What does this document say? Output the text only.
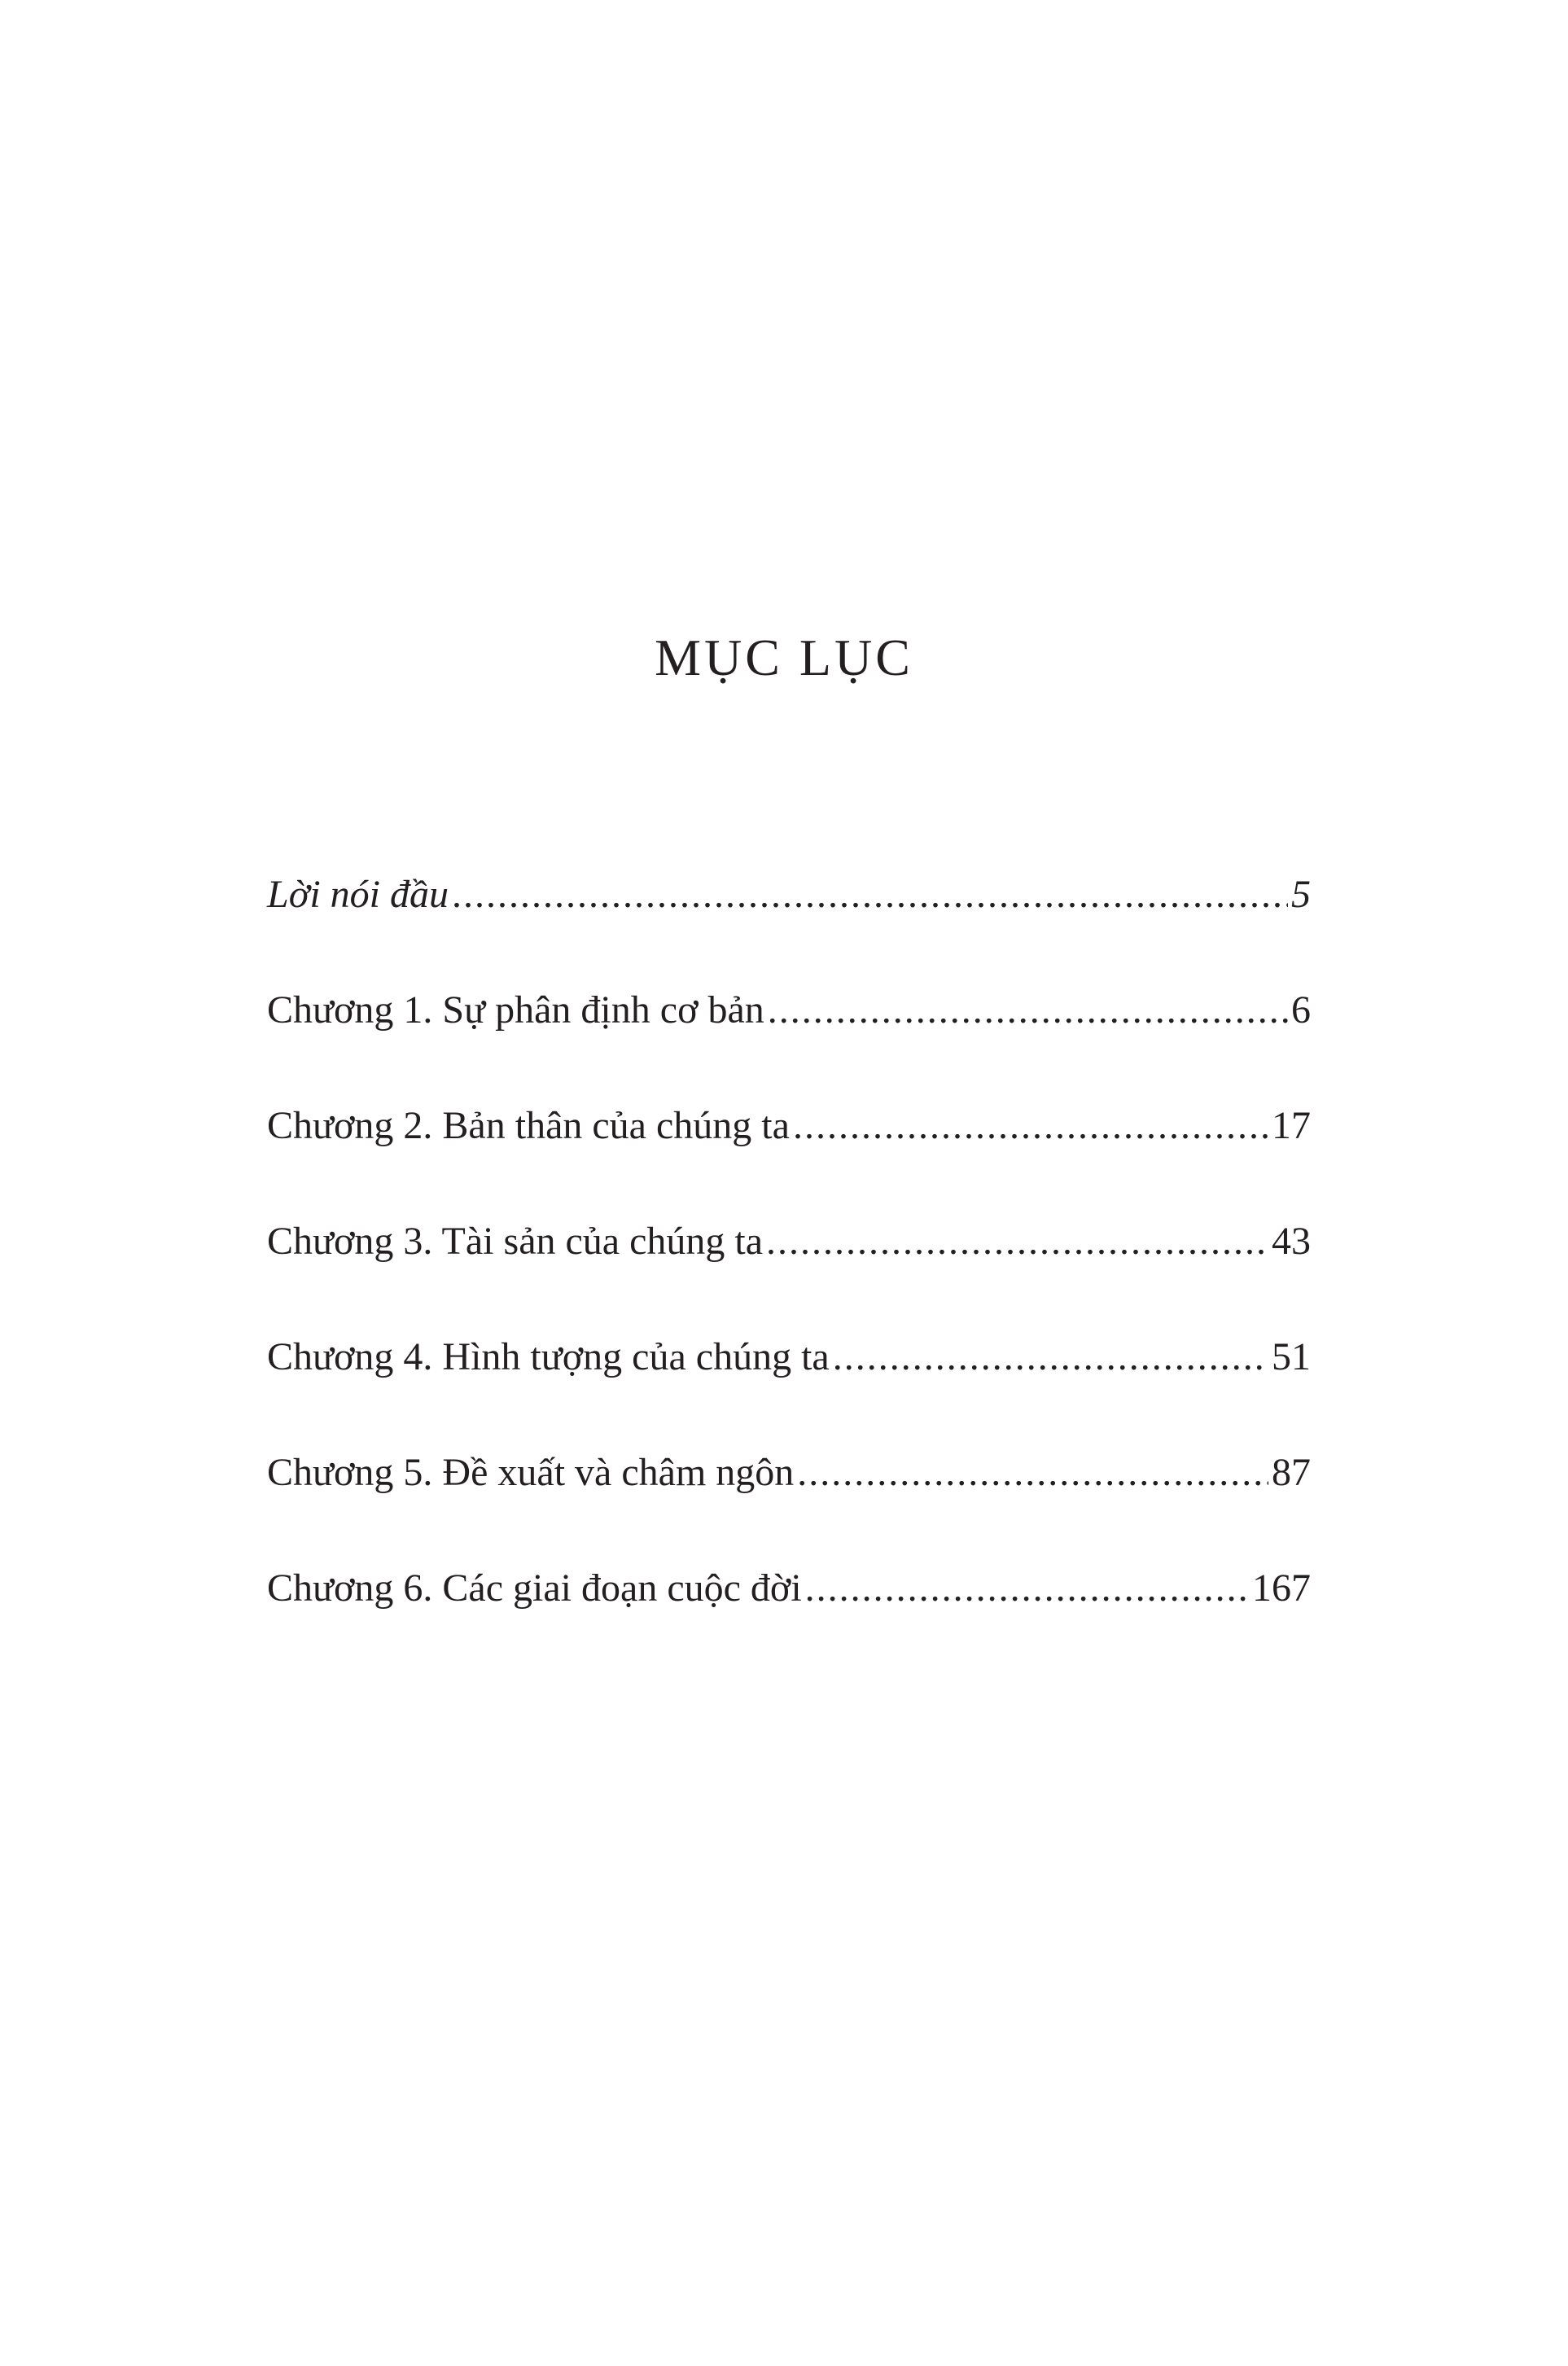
MỤC LỤC
Lời nói đầu .....	5
Chương 1. Sự phân định cơ bản .....	6
Chương 2. Bản thân của chúng ta .....	17
Chương 3. Tài sản của chúng ta .....	43
Chương 4. Hình tượng của chúng ta .....	51
Chương 5. Đề xuất và châm ngôn .....	87
Chương 6. Các giai đoạn cuộc đời .....	167
